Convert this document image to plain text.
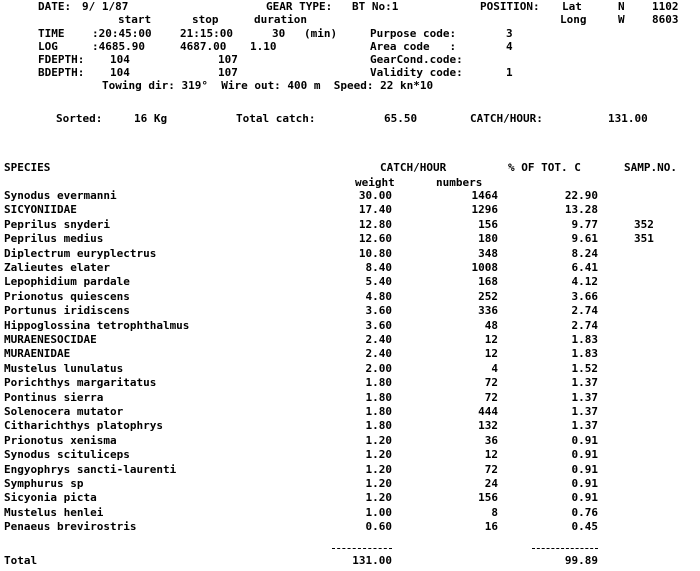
DATE: 9/ 1/87	GEAR TYPE: BT No:1	POSITION: Lat	N 1102
start	stop	duration	Long	W 8603
TIME	:20:45:00	21:15:00	30 (min)	Purpose code:	3
LOG	:4685.90	4687.00 1.10	Area code   :	4
FDEPTH: 104	107	GearCond.code:
BDEPTH: 104	107	Validity code:	1
Towing dir: 319°  Wire out: 400 m  Speed: 22 kn*10
Sorted:	16 Kg	Total catch:	65.50	CATCH/HOUR:	131.00
SPECIES	CATCH/HOUR	% OF TOT. C	SAMP.NO.
weight	numbers
Synodus evermanni	30.00	1464	22.90
SICYONIIDAE	17.40	1296	13.28
Peprilus snyderi	12.80	156	9.77	352
Peprilus medius	12.60	180	9.61	351
Diplectrum euryplectrus	10.80	348	8.24
Zalieutes elater	8.40	1008	6.41
Lepophidium pardale	5.40	168	4.12
Prionotus quiescens	4.80	252	3.66
Portunus iridiscens	3.60	336	2.74
Hippoglossina tetrophthalmus	3.60	48	2.74
MURAENESOCIDAE	2.40	12	1.83
MURAENIDAE	2.40	12	1.83
Mustelus lunulatus	2.00	4	1.52
Porichthys margaritatus	1.80	72	1.37
Pontinus sierra	1.80	72	1.37
Solenocera mutator	1.80	444	1.37
Citharichthys platophrys	1.80	132	1.37
Prionotus xenisma	1.20	36	0.91
Synodus scituliceps	1.20	12	0.91
Engyophrys sancti-laurenti	1.20	72	0.91
Symphurus sp	1.20	24	0.91
Sicyonia picta	1.20	156	0.91
Mustelus henlei	1.00	8	0.76
Penaeus brevirostris	0.60	16	0.45
Total	131.00	99.89
